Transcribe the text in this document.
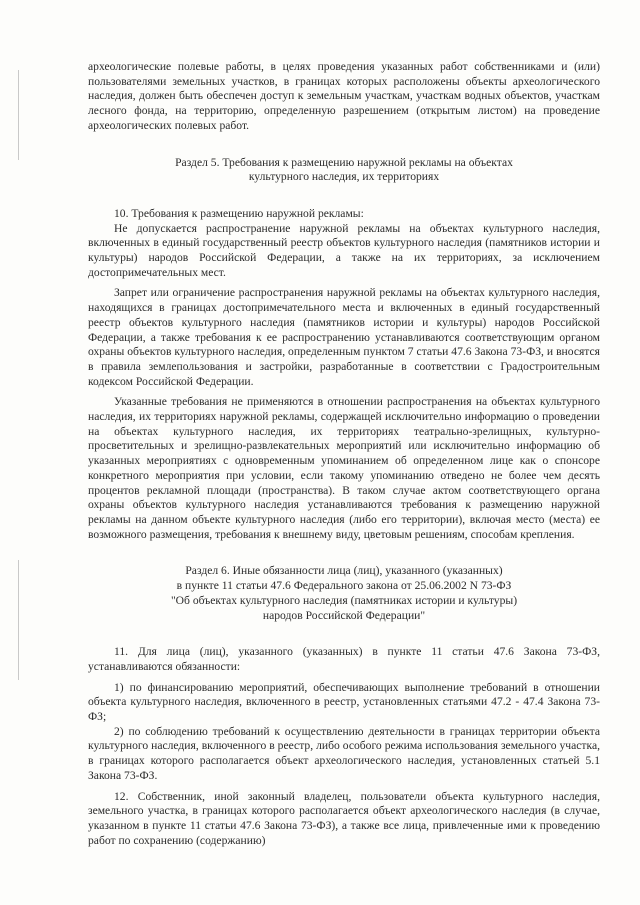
археологические полевые работы, в целях проведения указанных работ собственниками и (или) пользователями земельных участков, в границах которых расположены объекты археологического наследия, должен быть обеспечен доступ к земельным участкам, участкам водных объектов, участкам лесного фонда, на территорию, определенную разрешением (открытым листом) на проведение археологических полевых работ.

Раздел 5. Требования к размещению наружной рекламы на объектах

культурного наследия, их территориях

10. Требования к размещению наружной рекламы:

Не допускается распространение наружной рекламы на объектах культурного наследия, включенных в единый государственный реестр объектов культурного наследия (памятников истории и культуры) народов Российской Федерации, а также на их территориях, за исключением достопримечательных мест.

Запрет или ограничение распространения наружной рекламы на объектах культурного наследия, находящихся в границах достопримечательного места и включенных в единый государственный реестр объектов культурного наследия (памятников истории и культуры) народов Российской Федерации, а также требования к ее распространению устанавливаются соответствующим органом охраны объектов культурного наследия, определенным пунктом 7 статьи 47.6 Закона 73-ФЗ, и вносятся в правила землепользования и застройки, разработанные в соответствии с Градостроительным кодексом Российской Федерации.

Указанные требования не применяются в отношении распространения на объектах культурного наследия, их территориях наружной рекламы, содержащей исключительно информацию о проведении на объектах культурного наследия, их территориях театрально-зрелищных, культурно-просветительных и зрелищно-развлекательных мероприятий или исключительно информацию об указанных мероприятиях с одновременным упоминанием об определенном лице как о спонсоре конкретного мероприятия при условии, если такому упоминанию отведено не более чем десять процентов рекламной площади (пространства). В таком случае актом соответствующего органа охраны объектов культурного наследия устанавливаются требования к размещению наружной рекламы на данном объекте культурного наследия (либо его территории), включая место (места) ее возможного размещения, требования к внешнему виду, цветовым решениям, способам крепления.

Раздел 6. Иные обязанности лица (лиц), указанного (указанных)

в пункте 11 статьи 47.6 Федерального закона от 25.06.2002 N 73-ФЗ

"Об объектах культурного наследия (памятниках истории и культуры)

народов Российской Федерации"

11. Для лица (лиц), указанного (указанных) в пункте 11 статьи 47.6 Закона 73-ФЗ, устанавливаются обязанности:

1) по финансированию мероприятий, обеспечивающих выполнение требований в отношении объекта культурного наследия, включенного в реестр, установленных статьями 47.2 - 47.4 Закона 73-ФЗ;

2) по соблюдению требований к осуществлению деятельности в границах территории объекта культурного наследия, включенного в реестр, либо особого режима использования земельного участка, в границах которого располагается объект археологического наследия, установленных статьей 5.1 Закона 73-ФЗ.

12. Собственник, иной законный владелец, пользователи объекта культурного наследия, земельного участка, в границах которого располагается объект археологического наследия (в случае, указанном в пункте 11 статьи 47.6 Закона 73-ФЗ), а также все лица, привлеченные ими к проведению работ по сохранению (содержанию)
